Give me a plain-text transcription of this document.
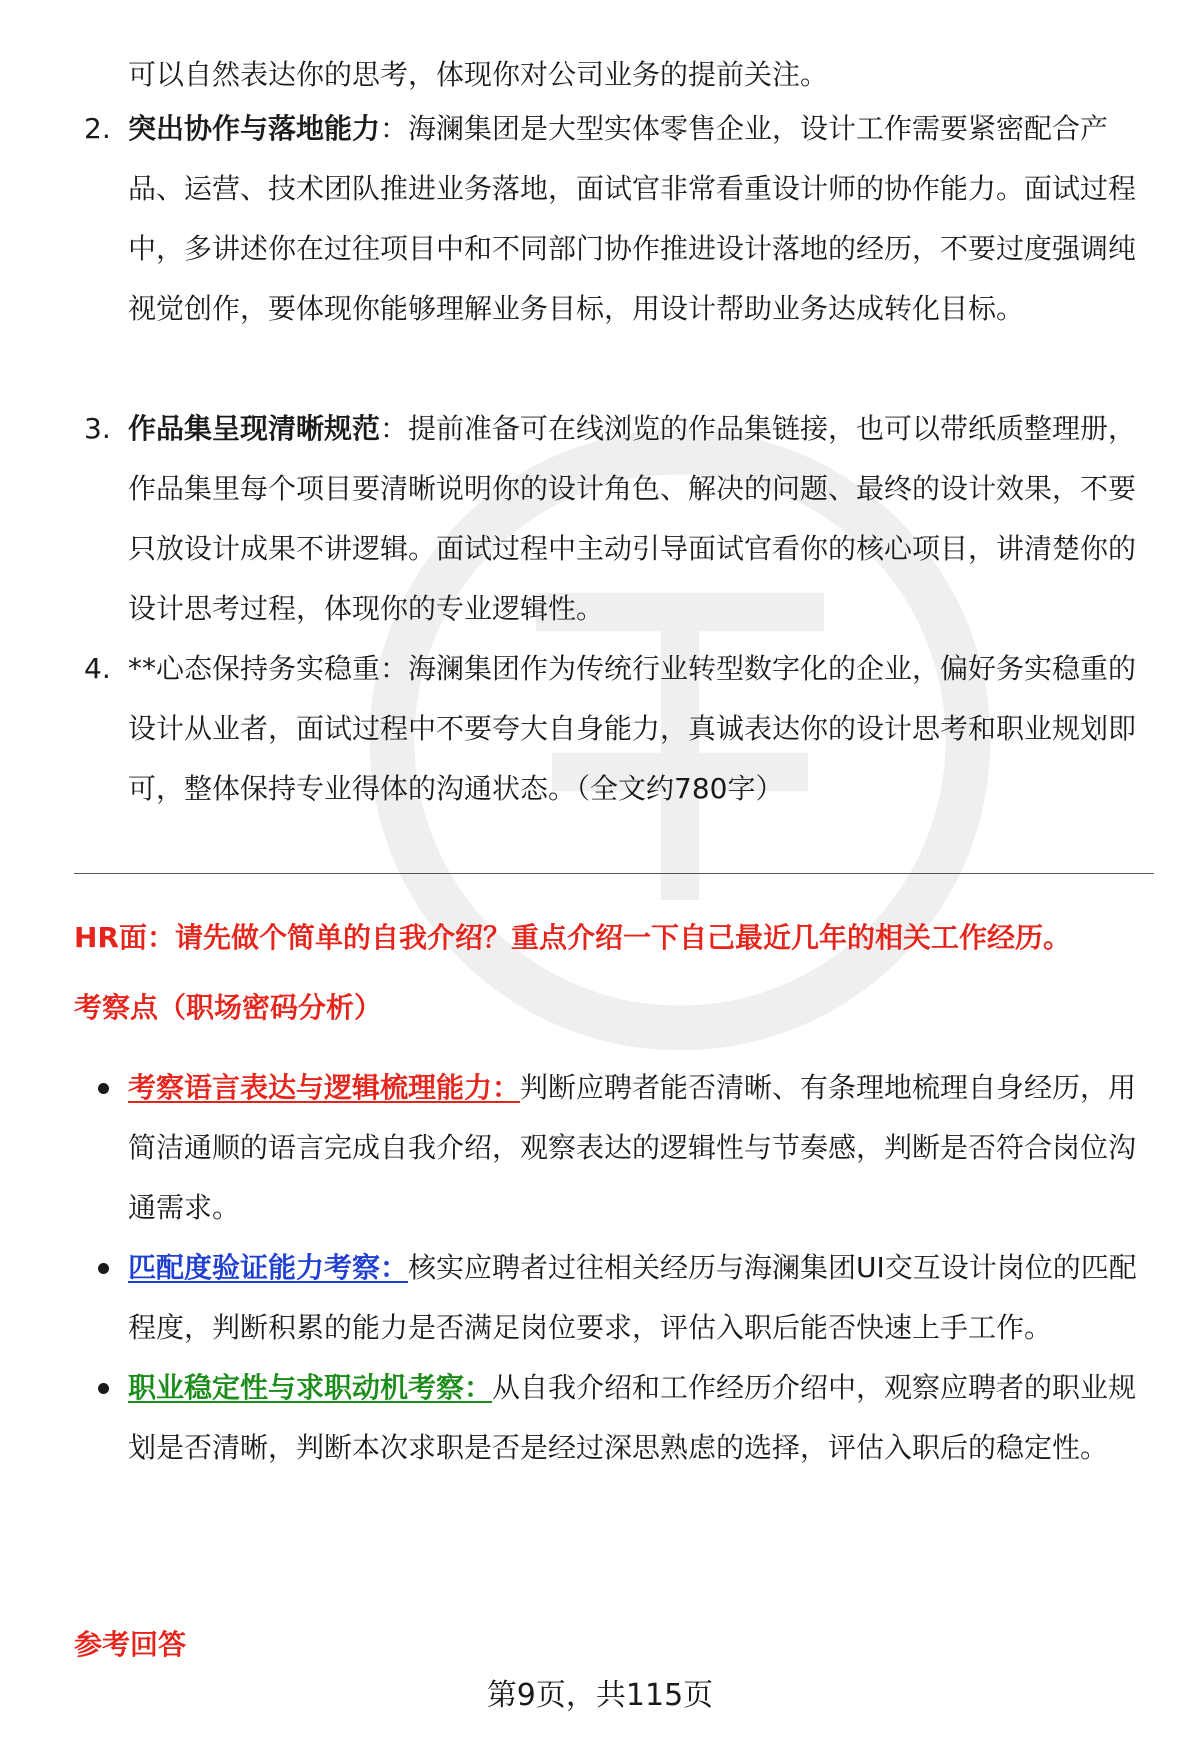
可以自然表达你的思考，体现你对公司业务的提前关注。

2. 突出协作与落地能力：海澜集团是大型实体零售企业，设计工作需要紧密配合产品、运营、技术团队推进业务落地，面试官非常看重设计师的协作能力。面试过程中，多讲述你在过往项目中和不同部门协作推进设计落地的经历，不要过度强调纯视觉创作，要体现你能够理解业务目标，用设计帮助业务达成转化目标。
3. 作品集呈现清晰规范：提前准备可在线浏览的作品集链接，也可以带纸质整理册，作品集里每个项目要清晰说明你的设计角色、解决的问题、最终的设计效果，不要只放设计成果不讲逻辑。面试过程中主动引导面试官看你的核心项目，讲清楚你的设计思考过程，体现你的专业逻辑性。
4. **心态保持务实稳重：海澜集团作为传统行业转型数字化的企业，偏好务实稳重的设计从业者，面试过程中不要夸大自身能力，真诚表达你的设计思考和职业规划即可，整体保持专业得体的沟通状态。（全文约780字）
HR面：请先做个简单的自我介绍？重点介绍一下自己最近几年的相关工作经历。
考察点（职场密码分析）
考察语言表达与逻辑梳理能力：判断应聘者能否清晰、有条理地梳理自身经历，用简洁通顺的语言完成自我介绍，观察表达的逻辑性与节奏感，判断是否符合岗位沟通需求。
匹配度验证能力考察：核实应聘者过往相关经历与海澜集团UI交互设计岗位的匹配程度，判断积累的能力是否满足岗位要求，评估入职后能否快速上手工作。
职业稳定性与求职动机考察：从自我介绍和工作经历介绍中，观察应聘者的职业规划是否清晰，判断本次求职是否是经过深思熟虑的选择，评估入职后的稳定性。
参考回答
第9页，共115页
